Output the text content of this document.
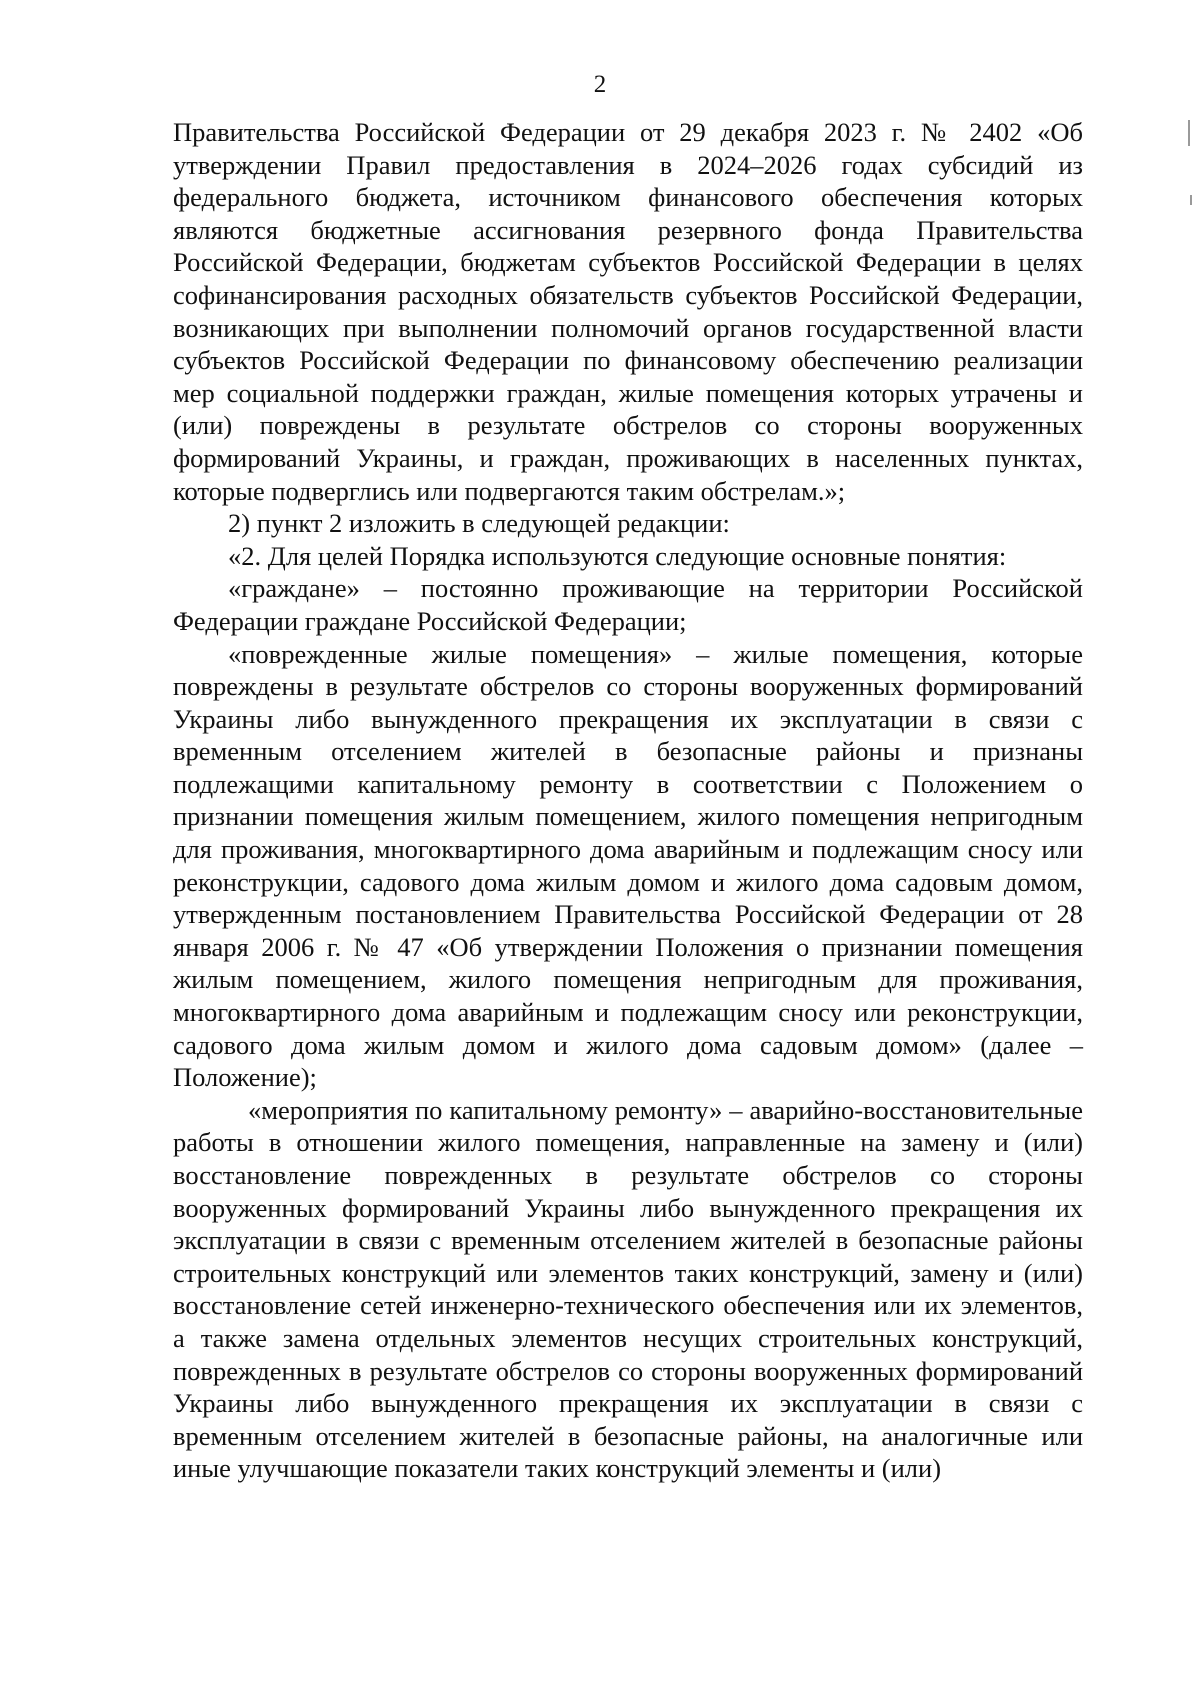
2

Правительства Российской Федерации от 29 декабря 2023 г. № 2402 «Об утверждении Правил предоставления в 2024–2026 годах субсидий из федерального бюджета, источником финансового обеспечения которых являются бюджетные ассигнования резервного фонда Правительства Российской Федерации, бюджетам субъектов Российской Федерации в целях софинансирования расходных обязательств субъектов Российской Федерации, возникающих при выполнении полномочий органов государственной власти субъектов Российской Федерации по финансовому обеспечению реализации мер социальной поддержки граждан, жилые помещения которых утрачены и (или) повреждены в результате обстрелов со стороны вооруженных формирований Украины, и граждан, проживающих в населенных пунктах, которые подверглись или подвергаются таким обстрелам.»;

2) пункт 2 изложить в следующей редакции:

«2. Для целей Порядка используются следующие основные понятия:

«граждане» – постоянно проживающие на территории Российской Федерации граждане Российской Федерации;

«поврежденные жилые помещения» – жилые помещения, которые повреждены в результате обстрелов со стороны вооруженных формирований Украины либо вынужденного прекращения их эксплуатации в связи с временным отселением жителей в безопасные районы и признаны подлежащими капитальному ремонту в соответствии с Положением о признании помещения жилым помещением, жилого помещения непригодным для проживания, многоквартирного дома аварийным и подлежащим сносу или реконструкции, садового дома жилым домом и жилого дома садовым домом, утвержденным постановлением Правительства Российской Федерации от 28 января 2006 г. № 47 «Об утверждении Положения о признании помещения жилым помещением, жилого помещения непригодным для проживания, многоквартирного дома аварийным и подлежащим сносу или реконструкции, садового дома жилым домом и жилого дома садовым домом» (далее – Положение);

«мероприятия по капитальному ремонту» – аварийно-восстановительные работы в отношении жилого помещения, направленные на замену и (или) восстановление поврежденных в результате обстрелов со стороны вооруженных формирований Украины либо вынужденного прекращения их эксплуатации в связи с временным отселением жителей в безопасные районы строительных конструкций или элементов таких конструкций, замену и (или) восстановление сетей инженерно-технического обеспечения или их элементов, а также замена отдельных элементов несущих строительных конструкций, поврежденных в результате обстрелов со стороны вооруженных формирований Украины либо вынужденного прекращения их эксплуатации в связи с временным отселением жителей в безопасные районы, на аналогичные или иные улучшающие показатели таких конструкций элементы и (или)
